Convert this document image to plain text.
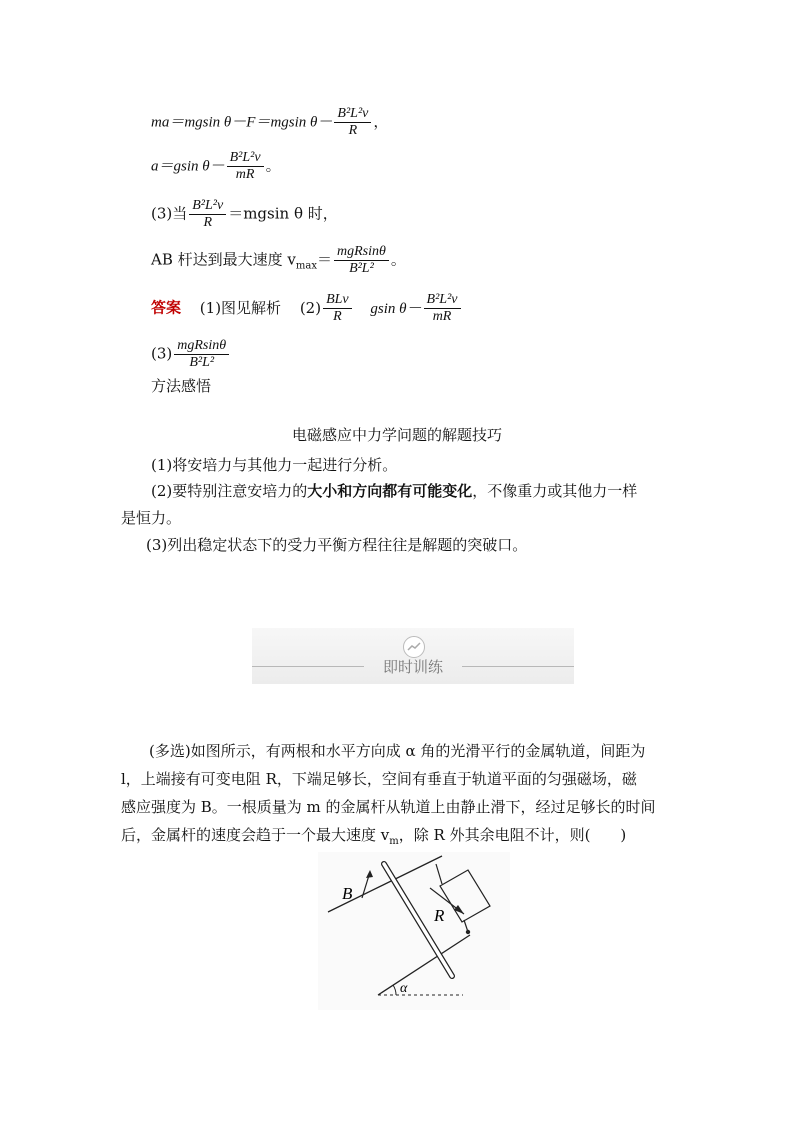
ma＝mgsin θ－F＝mgsin $\theta- \frac{\text{B²L²v}}{R}$ ，
a＝gsin $\theta- \frac{\text{B²L²v}}{mR}$ 。
(3)当 $\frac{\text{B²L²v}}{R} =mgsin$ θ 时，
AB 杆达到最大速度 $v_{max}= \frac{\text{mgRsinθ}}{\text{B²L²}}$ 。
答案 (1)图见解析 $(2) \frac{\text{BLv}}{R}$ gsin $\theta- \frac{\text{B²L²v}}{mR}$
$(3) \frac{\text{mgRsinθ}}{\text{B²L²}}$
方法感悟
电磁感应中力学问题的解题技巧
(1)将安培力与其他力一起进行分析。
(2)要特别注意安培力的大小和方向都有可能变化，不像重力或其他力一样
是恒力。
(3)列出稳定状态下的受力平衡方程往往是解题的突破口。
即时训练
(多选)如图所示，有两根和水平方向成 α 角的光滑平行的金属轨道，间距为
l，上端接有可变电阻 R，下端足够长，空间有垂直于轨道平面的匀强磁场，磁
感应强度为 B。一根质量为 m 的金属杆从轨道上由静止滑下，经过足够长的时间
后，金属杆的速度会趋于一个最大速度 $v_m$，除 R 外其余电阻不计，则(　　)
α
B
R
